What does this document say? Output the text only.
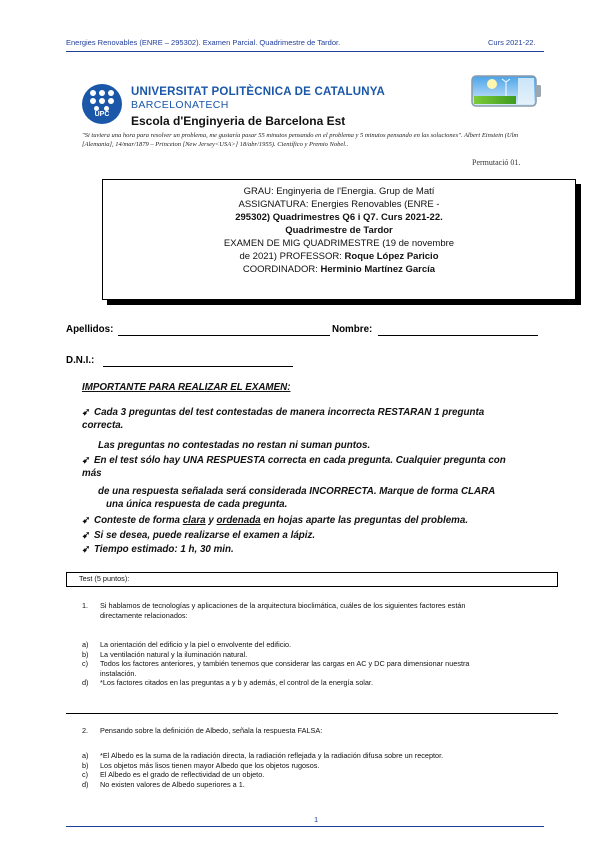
Energies Renovables (ENRE – 295302). Examen Parcial. Quadrimestre de Tardor.	Curs 2021-22.
UPC
UNIVERSITAT POLITÈCNICA DE CATALUNYA
BARCELONATECH
Escola d'Enginyeria de Barcelona Est
"Si tuviera una hora para resolver un problema, me gustaría pasar 55 minutos pensando en el problema y 5 minutos pensando en las soluciones". Albert Einstein (Ulm [Alemania], 14/mar/1879 – Princeton [New Jersey<USA>] 18/abr/1955). Científico y Premio Nobel..
Permutació 01.
GRAU: Enginyeria de l'Energia. Grup de Matí
ASSIGNATURA: Energies Renovables (ENRE -
295302) Quadrimestres Q6 i Q7. Curs 2021-22.
Quadrimestre de Tardor
EXAMEN DE MIG QUADRIMESTRE (19 de novembre
de 2021) PROFESSOR: Roque López Paricio
COORDINADOR: Herminio Martínez García
Apellidos:	Nombre:
D.N.I.:
IMPORTANTE PARA REALIZAR EL EXAMEN:
➹ Cada 3 preguntas del test contestadas de manera incorrecta RESTARAN 1 pregunta
correcta.
Las preguntas no contestadas no restan ni suman puntos.
➹ En el test sólo hay UNA RESPUESTA correcta en cada pregunta. Cualquier pregunta con
más
de una respuesta señalada será considerada INCORRECTA. Marque de forma CLARA
una única respuesta de cada pregunta.
➹ Conteste de forma clara y ordenada en hojas aparte las preguntas del problema.
➹ Si se desea, puede realizarse el examen a lápiz.
➹ Tiempo estimado: 1 h, 30 min.
Test (5 puntos):
1. Si hablamos de tecnologías y aplicaciones de la arquitectura bioclimática, cuáles de los siguientes factores están
directamente relacionados:
a) La orientación del edificio y la piel o envolvente del edificio.
b) La ventilación natural y la iluminación natural.
c) Todos los factores anteriores, y también tenemos que considerar las cargas en AC y DC para dimensionar nuestra
instalación.
d) *Los factores citados en las preguntas a y b y además, el control de la energía solar.
2. Pensando sobre la definición de Albedo, señala la respuesta FALSA:
a) *El Albedo es la suma de la radiación directa, la radiación reflejada y la radiación difusa sobre un receptor.
b) Los objetos más lisos tienen mayor Albedo que los objetos rugosos.
c) El Albedo es el grado de reflectividad de un objeto.
d) No existen valores de Albedo superiores a 1.
1
